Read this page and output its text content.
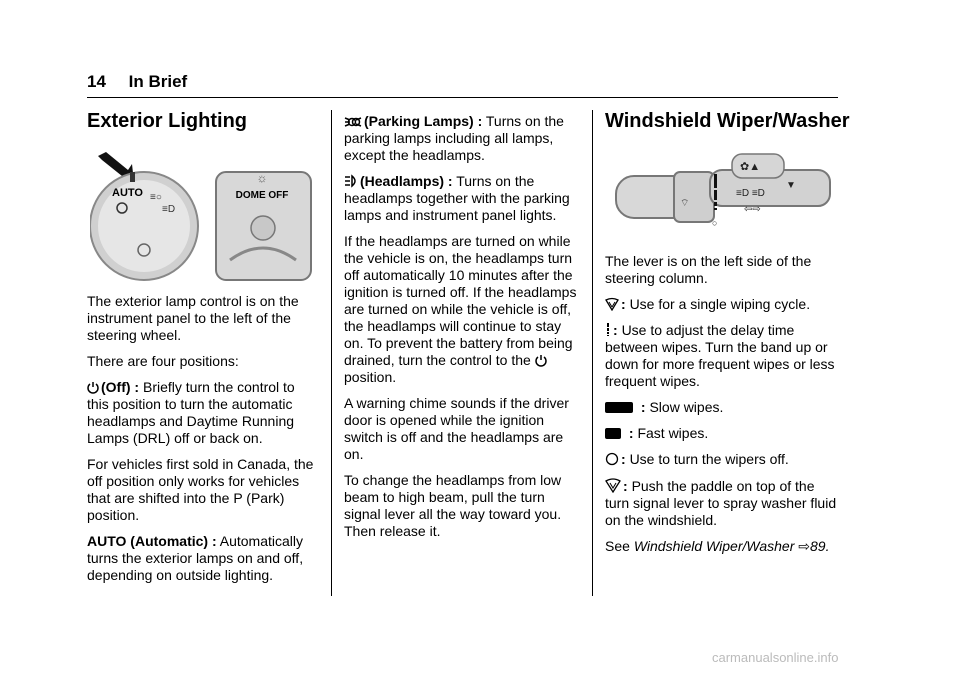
14 In Brief
Exterior Lighting
AUTO ≡○
≡D
☼
DOME OFF

The exterior lamp control is on the instrument panel to the left of the steering wheel.

There are four positions:

(Off) : Briefly turn the control to this position to turn the automatic headlamps and Daytime Running Lamps (DRL) off or back on.

For vehicles first sold in Canada, the off position only works for vehicles that are shifted into the P (Park) position.

AUTO (Automatic) : Automatically turns the exterior lamps on and off, depending on outside lighting.

(Parking Lamps) : Turns on the parking lamps including all lamps, except the headlamps.

(Headlamps) : Turns on the headlamps together with the parking lamps and instrument panel lights.

If the headlamps are turned on while the vehicle is on, the headlamps turn off automatically 10 minutes after the ignition is turned off. If the headlamps are turned on while the vehicle is off, the headlamps will continue to stay on. To prevent the battery from being drained, turn the control to the position.

A warning chime sounds if the driver door is opened while the ignition switch is off and the headlamps are on.

To change the headlamps from low beam to high beam, pull the turn signal lever all the way toward you. Then release it.

Windshield Wiper/Washer
✿▲
≡D ≡D
▼
⇦⇨
⌔
○

The lever is on the left side of the steering column.

: Use for a single wiping cycle.

: Use to adjust the delay time between wipes. Turn the band up or down for more frequent wipes or less frequent wipes.

: Slow wipes.

: Fast wipes.

: Use to turn the wipers off.

: Push the paddle on top of the turn signal lever to spray washer fluid on the windshield.

See Windshield Wiper/Washer ⇨89.

carmanualsonline.info
